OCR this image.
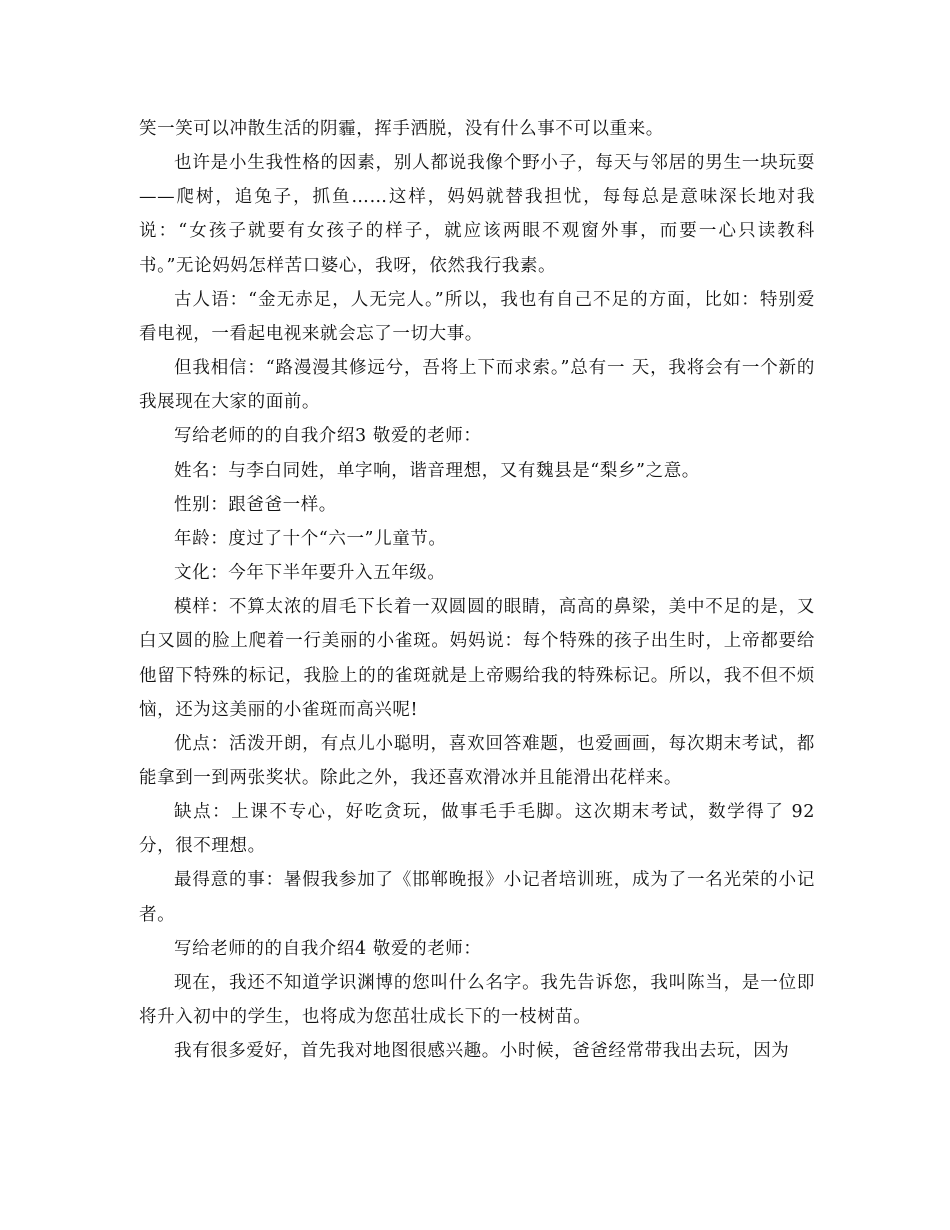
笑一笑可以冲散生活的阴霾，挥手洒脱，没有什么事不可以重来。

也许是小生我性格的因素，别人都说我像个野小子，每天与邻居的男生一块玩耍——爬树，追兔子，抓鱼……这样，妈妈就替我担忧，每每总是意味深长地对我说：“女孩子就要有女孩子的样子，就应该两眼不观窗外事，而要一心只读教科书。”无论妈妈怎样苦口婆心，我呀，依然我行我素。

古人语：“金无赤足，人无完人。”所以，我也有自己不足的方面，比如：特别爱看电视，一看起电视来就会忘了一切大事。

但我相信：“路漫漫其修远兮，吾将上下而求索。”总有一 天，我将会有一个新的我展现在大家的面前。

写给老师的的自我介绍3 敬爱的老师：

姓名：与李白同姓，单字响，谐音理想，又有魏县是“梨乡”之意。

性别：跟爸爸一样。

年龄：度过了十个“六一”儿童节。

文化：今年下半年要升入五年级。

模样：不算太浓的眉毛下长着一双圆圆的眼睛，高高的鼻梁，美中不足的是，又白又圆的脸上爬着一行美丽的小雀斑。妈妈说：每个特殊的孩子出生时，上帝都要给他留下特殊的标记，我脸上的的雀斑就是上帝赐给我的特殊标记。所以，我不但不烦恼，还为这美丽的小雀斑而高兴呢!

优点：活泼开朗，有点儿小聪明，喜欢回答难题，也爱画画，每次期末考试，都能拿到一到两张奖状。除此之外，我还喜欢滑冰并且能滑出花样来。

缺点：上课不专心，好吃贪玩，做事毛手毛脚。这次期末考试，数学得了 92 分，很不理想。

最得意的事：暑假我参加了《邯郸晚报》小记者培训班，成为了一名光荣的小记者。

写给老师的的自我介绍4 敬爱的老师：

现在，我还不知道学识渊博的您叫什么名字。我先告诉您，我叫陈当，是一位即将升入初中的学生，也将成为您茁壮成长下的一枝树苗。

我有很多爱好，首先我对地图很感兴趣。小时候，爸爸经常带我出去玩，因为
